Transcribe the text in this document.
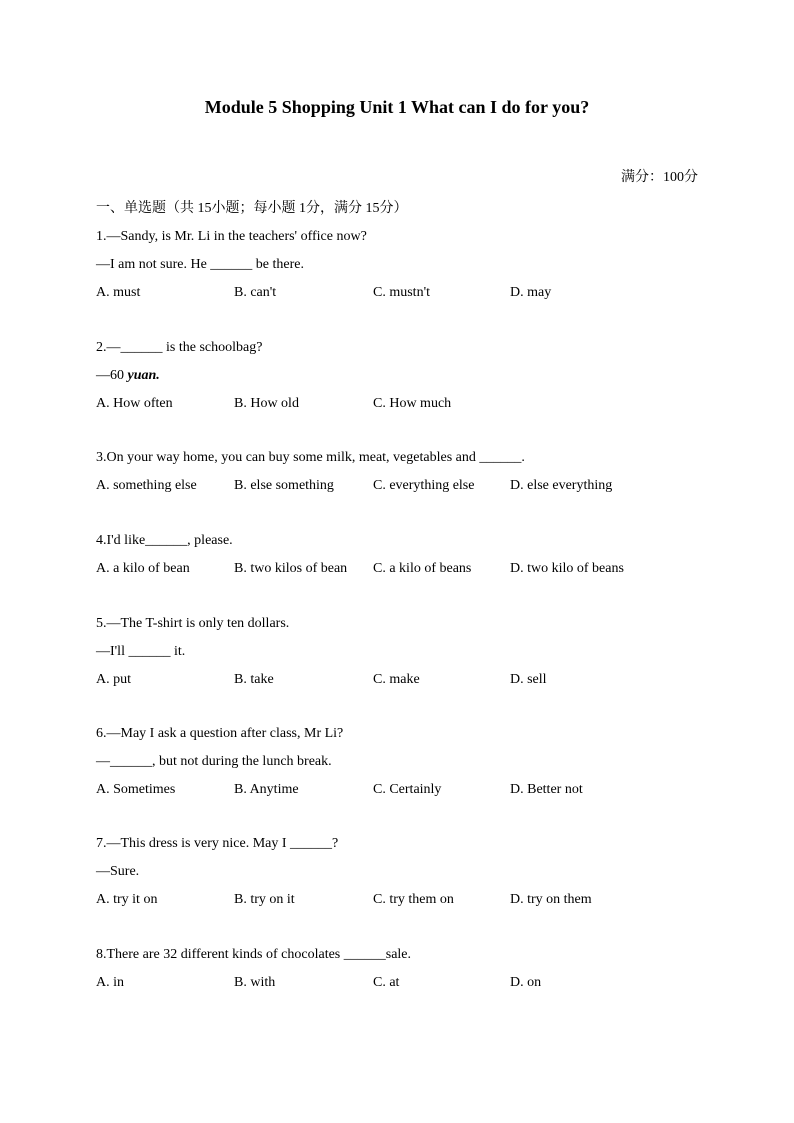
Module 5 Shopping Unit 1 What can I do for you?
满分：100分
一、单选题（共 15小题；每小题 1分，满分 15分）
1.—Sandy, is Mr. Li in the teachers' office now?
—I am not sure. He ______ be there.
A. must	B. can't	C. mustn't	D. may
2.—______ is the schoolbag?
—60 yuan.
A. How often	B. How old	C. How much
3.On your way home, you can buy some milk, meat, vegetables and ______.
A. something else	B. else something	C. everything else	D. else everything
4.I'd like______, please.
A. a kilo of bean	B. two kilos of bean C. a kilo of beans	D. two kilo of beans
5.—The T-shirt is only ten dollars.
—I'll ______ it.
A. put	B. take	C. make	D. sell
6.—May I ask a question after class, Mr Li?
—______, but not during the lunch break.
A. Sometimes	B. Anytime	C. Certainly	D. Better not
7.—This dress is very nice. May I ______?
—Sure.
A. try it on	B. try on it	C. try them on	D. try on them
8.There are 32 different kinds of chocolates ______sale.
A. in	B. with	C. at	D. on
